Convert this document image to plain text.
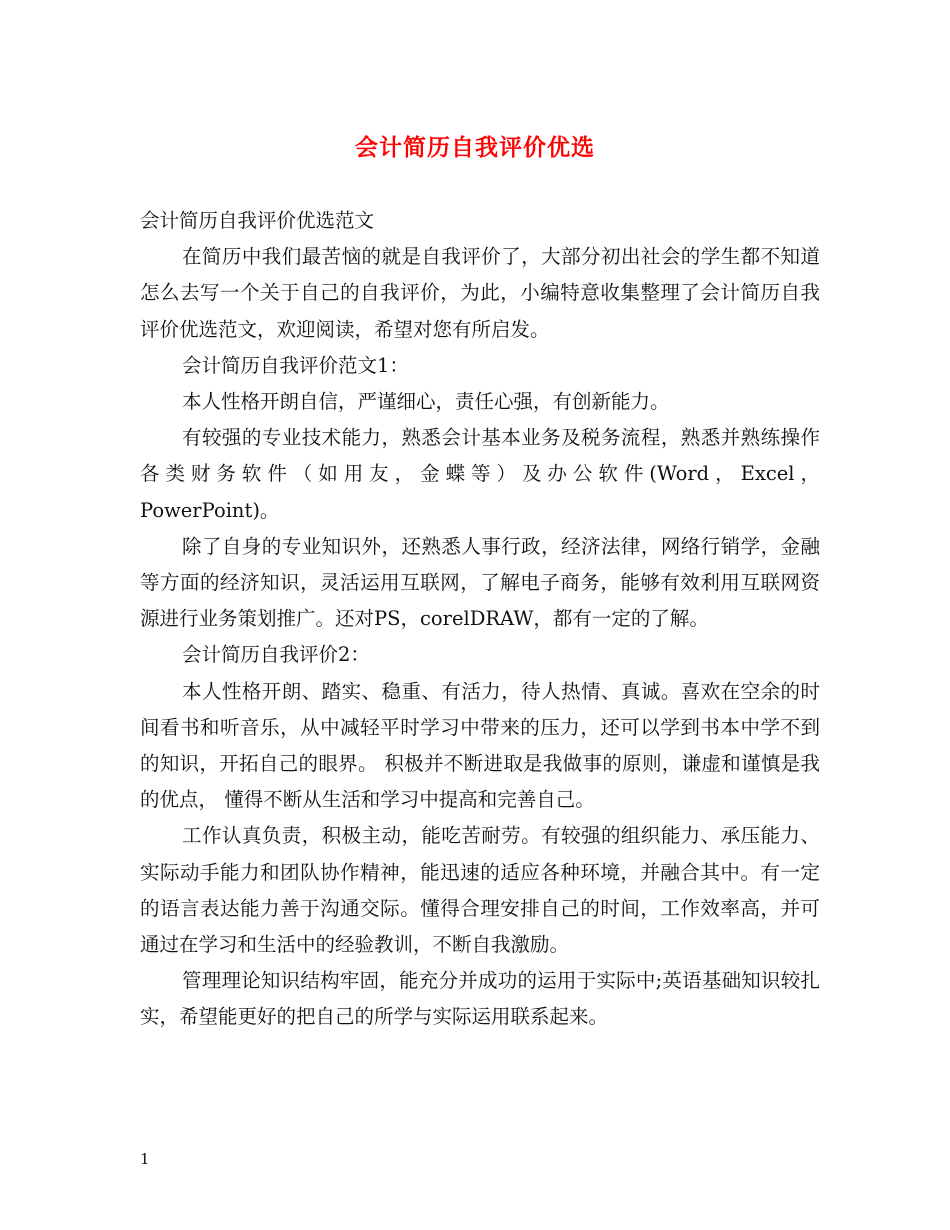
会计简历自我评价优选

会计简历自我评价优选范文

在简历中我们最苦恼的就是自我评价了，大部分初出社会的学生都不知道怎么去写一个关于自己的自我评价，为此，小编特意收集整理了会计简历自我评价优选范文，欢迎阅读，希望对您有所启发。

会计简历自我评价范文1：

本人性格开朗自信，严谨细心，责任心强，有创新能力。

有较强的专业技术能力，熟悉会计基本业务及税务流程，熟悉并熟练操作各类财务软件（如用友，金蝶等）及办公软件(Word，Excel，PowerPoint)。

除了自身的专业知识外，还熟悉人事行政，经济法律，网络行销学，金融等方面的经济知识，灵活运用互联网，了解电子商务，能够有效利用互联网资源进行业务策划推广。还对PS，corelDRAW，都有一定的了解。

会计简历自我评价2：

本人性格开朗、踏实、稳重、有活力，待人热情、真诚。喜欢在空余的时间看书和听音乐，从中减轻平时学习中带来的压力，还可以学到书本中学不到的知识，开拓自己的眼界。 积极并不断进取是我做事的原则，谦虚和谨慎是我的优点， 懂得不断从生活和学习中提高和完善自己。

工作认真负责，积极主动，能吃苦耐劳。有较强的组织能力、承压能力、实际动手能力和团队协作精神，能迅速的适应各种环境，并融合其中。有一定的语言表达能力善于沟通交际。懂得合理安排自己的时间，工作效率高，并可通过在学习和生活中的经验教训，不断自我激励。

管理理论知识结构牢固，能充分并成功的运用于实际中;英语基础知识较扎实，希望能更好的把自己的所学与实际运用联系起来。

1
